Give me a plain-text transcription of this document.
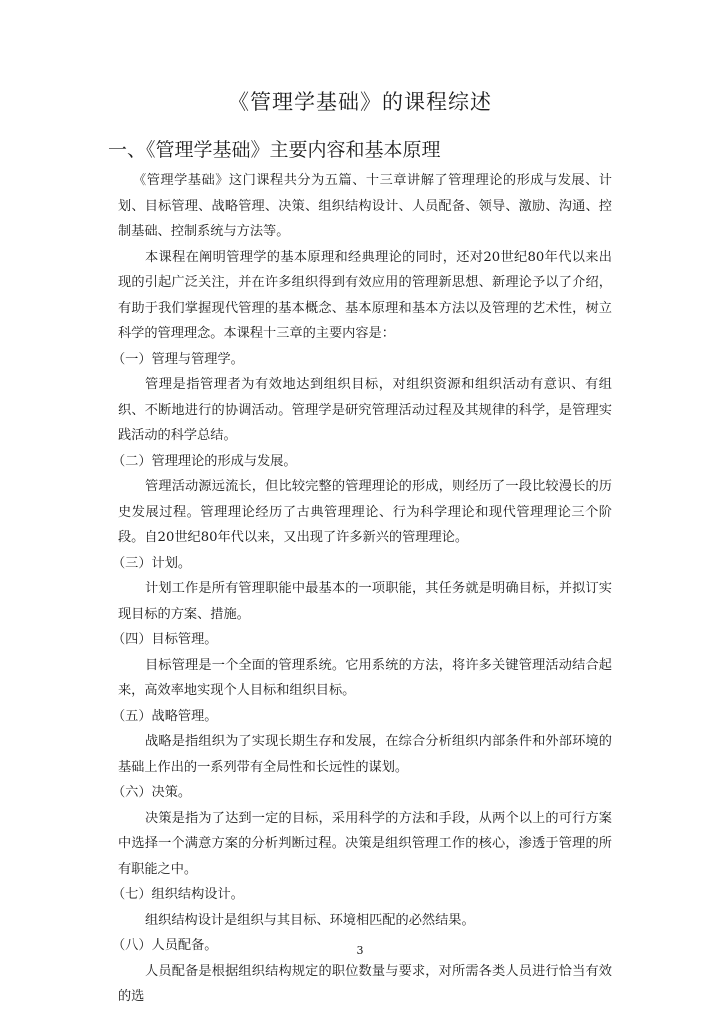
《管理学基础》的课程综述
一、《管理学基础》主要内容和基本原理

《管理学基础》这门课程共分为五篇、十三章讲解了管理理论的形成与发展、计划、目标管理、战略管理、决策、组织结构设计、人员配备、领导、激励、沟通、控制基础、控制系统与方法等。

本课程在阐明管理学的基本原理和经典理论的同时，还对20世纪80年代以来出现的引起广泛关注，并在许多组织得到有效应用的管理新思想、新理论予以了介绍，有助于我们掌握现代管理的基本概念、基本原理和基本方法以及管理的艺术性，树立科学的管理理念。本课程十三章的主要内容是：

（一）管理与管理学。

管理是指管理者为有效地达到组织目标，对组织资源和组织活动有意识、有组织、不断地进行的协调活动。管理学是研究管理活动过程及其规律的科学，是管理实践活动的科学总结。

（二）管理理论的形成与发展。

管理活动源远流长，但比较完整的管理理论的形成，则经历了一段比较漫长的历史发展过程。管理理论经历了古典管理理论、行为科学理论和现代管理理论三个阶段。自20世纪80年代以来，又出现了许多新兴的管理理论。

（三）计划。

计划工作是所有管理职能中最基本的一项职能，其任务就是明确目标，并拟订实现目标的方案、措施。

（四）目标管理。

目标管理是一个全面的管理系统。它用系统的方法，将许多关键管理活动结合起来，高效率地实现个人目标和组织目标。

（五）战略管理。

战略是指组织为了实现长期生存和发展，在综合分析组织内部条件和外部环境的基础上作出的一系列带有全局性和长远性的谋划。

（六）决策。

决策是指为了达到一定的目标，采用科学的方法和手段，从两个以上的可行方案中选择一个满意方案的分析判断过程。决策是组织管理工作的核心，渗透于管理的所有职能之中。

（七）组织结构设计。

组织结构设计是组织与其目标、环境相匹配的必然结果。

（八）人员配备。

人员配备是根据组织结构规定的职位数量与要求，对所需各类人员进行恰当有效的选

3
